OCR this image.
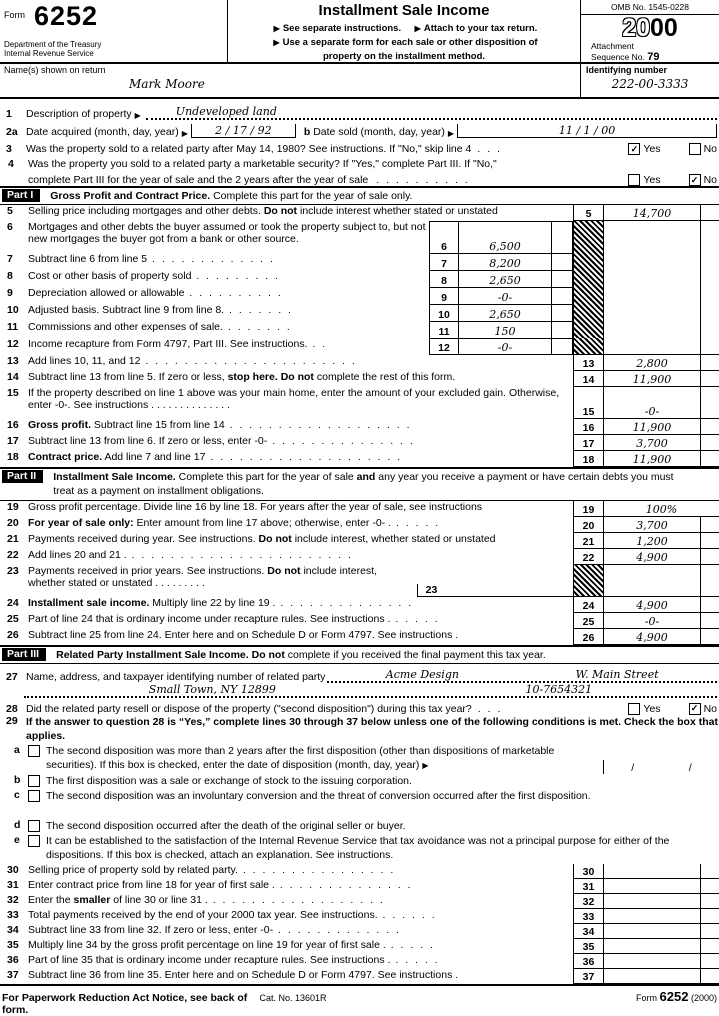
Form 6252
Department of the Treasury
Internal Revenue Service
Installment Sale Income
▶ See separate instructions. ▶ Attach to your tax return.
▶ Use a separate form for each sale or other disposition of
property on the installment method.
OMB No. 1545-0228
2000
Attachment
Sequence No. 79
Name(s) shown on return
Mark Moore
Identifying number
222-00-3333
1	Description of property ▶	Undeveloped land
2a Date acquired (month, day, year) ▶	2 / 17 / 92	b
Date sold (month, day, year) ▶	11 / 1 / 00
3	Was the property sold to a related party after May 14, 1980? See instructions. If "No," skip line 4 . . .	✓ Yes	No
4	Was the property you sold to a related party a marketable security? If "Yes," complete Part III. If "No,"
complete Part III for the year of sale and the 2 years after the year of sale . . . . . . . . . .	Yes	✓ No
Part I	Gross Profit and Contract Price. Complete this part for the year of sale only.
5	Selling price including mortgages and other debts. Do not include interest whether stated or unstated	5	14,700
6	Mortgages and other debts the buyer assumed or took the property subject to, but not new mortgages the buyer got from a bank or other source.
6	6,500
7	Subtract line 6 from line 5 . . . . . . . . . . . . .	7	8,200
8	Cost or other basis of property sold . . . . . . . . .	8	2,650
9	Depreciation allowed or allowable . . . . . . . . . .	9	-0-
10 Adjusted basis. Subtract line 9 from line 8. . . . . . . .	10	2,650
11 Commissions and other expenses of sale. . . . . . . .	11	150
12 Income recapture from Form 4797, Part III. See instructions. . .	12	-0-
13 Add lines 10, 11, and 12 . . . . . . . . . . . . . . . . . . . . . .	13	2,800
14 Subtract line 13 from line 5. If zero or less, stop here. Do not complete the rest of this form.	14	11,900
15 If the property described on line 1 above was your main home, enter the amount of your excluded gain. Otherwise, enter -0-. See instructions . . . . . . . . . . . . . .
15	-0-
16 Gross profit. Subtract line 15 from line 14 . . . . . . . . . . . . . . . . . . .	16	11,900
17 Subtract line 13 from line 6. If zero or less, enter -0- . . . . . . . . . . . . . . .	17	3,700
18 Contract price. Add line 7 and line 17 . . . . . . . . . . . . . . . . . . . .	18	11,900
Part II	Installment Sale Income. Complete this part for the year of sale and any year you receive a payment or have certain debts you must treat as a payment on installment obligations.
19 Gross profit percentage. Divide line 16 by line 18. For years after the year of sale, see instructions	19	100%
20 For year of sale only: Enter amount from line 17 above; otherwise, enter -0- . . . . . .	20	3,700
21 Payments received during year. See instructions. Do not include interest, whether stated or unstated	21	1,200
22 Add lines 20 and 21 . . . . . . . . . . . . . . . . . . . . . . . .	22	4,900
23 Payments received in prior years. See instructions. Do not include interest, whether stated or unstated . . . . . . . . .
23
24 Installment sale income. Multiply line 22 by line 19 . . . . . . . . . . . . . . .	24	4,900
25 Part of line 24 that is ordinary income under recapture rules. See instructions . . . . . .	25	-0-
26 Subtract line 25 from line 24. Enter here and on Schedule D or Form 4797. See instructions .	26	4,900
Part III	Related Party Installment Sale Income. Do not complete if you received the final payment this tax year.
27 Name, address, and taxpayer identifying number of related party	Acme Design	W. Main Street
Small Town, NY 12899	10-7654321
28 Did the related party resell or dispose of the property ("second disposition") during this tax year? . . .	Yes	✓ No
29 If the answer to question 28 is “Yes,” complete lines 30 through 37 below unless one of the following conditions is met. Check the box that applies.
a	The second disposition was more than 2 years after the first disposition (other than dispositions of marketable securities). If this box is checked, enter the date of disposition (month, day, year) ▶	/	/
b	The first disposition was a sale or exchange of stock to the issuing corporation.
c	The second disposition was an involuntary conversion and the threat of conversion occurred after the first disposition.
d	The second disposition occurred after the death of the original seller or buyer.
e	It can be established to the satisfaction of the Internal Revenue Service that tax avoidance was not a principal purpose for either of the dispositions. If this box is checked, attach an explanation. See instructions.
30 Selling price of property sold by related party. . . . . . . . . . . . . . . . .	30
31 Enter contract price from line 18 for year of first sale . . . . . . . . . . . . . . .	31
32 Enter the smaller of line 30 or line 31 . . . . . . . . . . . . . . . . . . .	32
33 Total payments received by the end of your 2000 tax year. See instructions. . . . . . .	33
34 Subtract line 33 from line 32. If zero or less, enter -0- . . . . . . . . . . . . .	34
35 Multiply line 34 by the gross profit percentage on line 19 for year of first sale . . . . . .	35
36 Part of line 35 that is ordinary income under recapture rules. See instructions . . . . . .	36
37 Subtract line 36 from line 35. Enter here and on Schedule D or Form 4797. See instructions .	37
For Paperwork Reduction Act Notice, see back of form.
Cat. No. 13601R	Form 6252 (2000)
